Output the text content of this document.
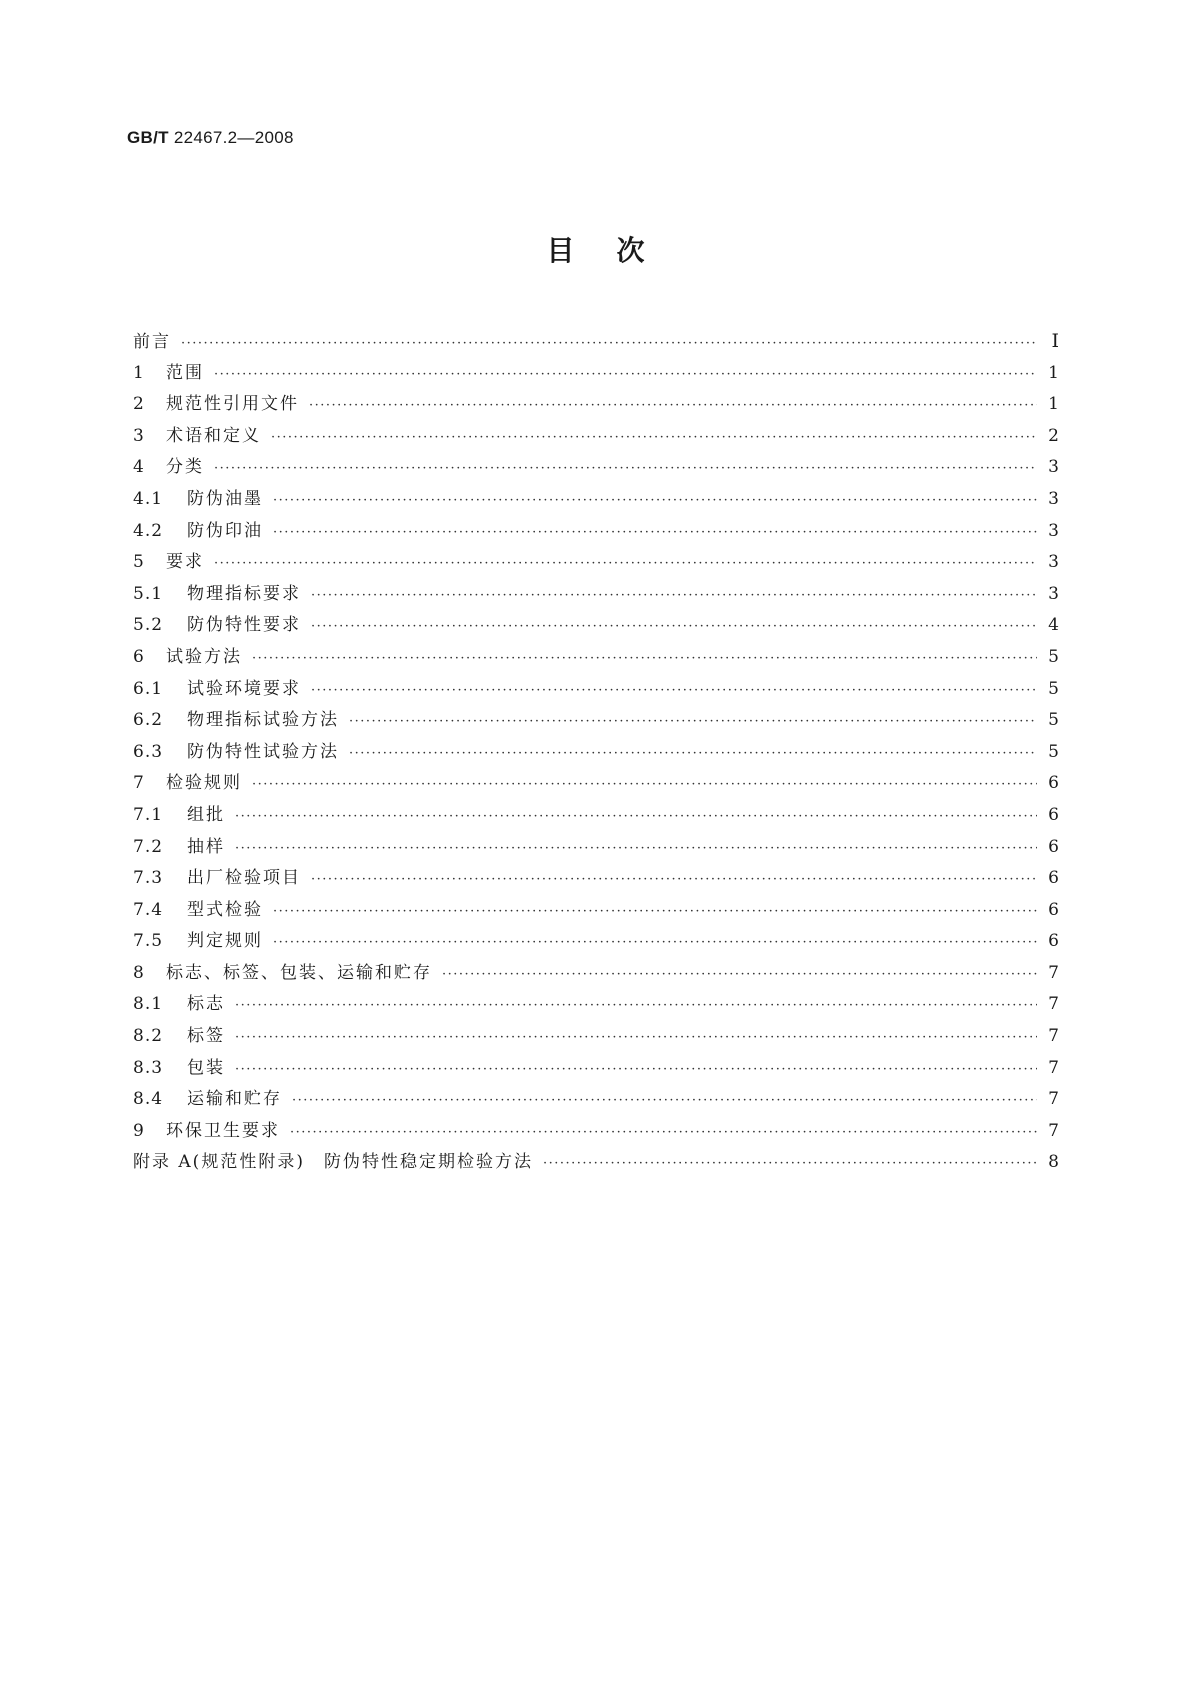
GB/T 22467.2—2008
目次
前言 ·····	Ⅰ
1	范围 ·····	1
2	规范性引用文件 ·····	1
3	术语和定义 ·····	2
4	分类 ·····	3
4.1	防伪油墨 ·····	3
4.2	防伪印油 ·····	3
5	要求 ·····	3
5.1	物理指标要求 ·····	3
5.2	防伪特性要求 ·····	4
6	试验方法 ·····	5
6.1	试验环境要求 ·····	5
6.2	物理指标试验方法 ·····	5
6.3	防伪特性试验方法 ·····	5
7	检验规则 ·····	6
7.1	组批 ·····	6
7.2	抽样 ·····	6
7.3	出厂检验项目 ·····	6
7.4	型式检验 ·····	6
7.5	判定规则 ·····	6
8	标志、标签、包装、运输和贮存 ·····	7
8.1	标志 ·····	7
8.2	标签 ·····	7
8.3	包装 ·····	7
8.4	运输和贮存 ·····	7
9	环保卫生要求 ·····	7
附录 A(规范性附录)　防伪特性稳定期检验方法 ·····	8
